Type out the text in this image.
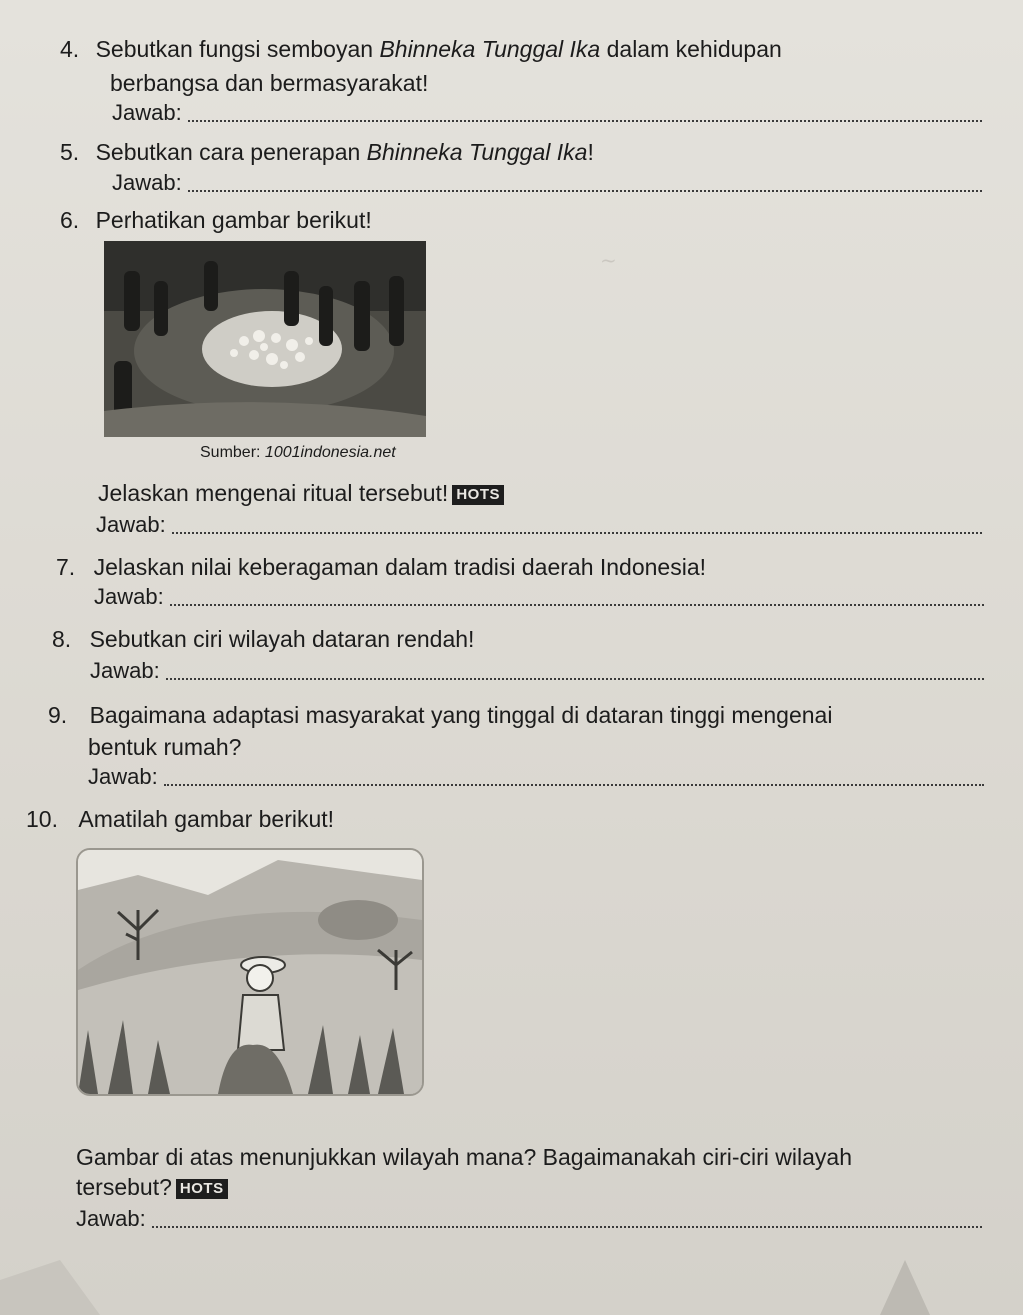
~
4. Sebutkan fungsi semboyan Bhinneka Tunggal Ika dalam kehidupan
berbangsa dan bermasyarakat!
Jawab:
5. Sebutkan cara penerapan Bhinneka Tunggal Ika!
Jawab:
6. Perhatikan gambar berikut!
Sumber: 1001indonesia.net
Jelaskan mengenai ritual tersebut! HOTS
Jawab:
7. Jelaskan nilai keberagaman dalam tradisi daerah Indonesia!
Jawab:
8. Sebutkan ciri wilayah dataran rendah!
Jawab:
9. Bagaimana adaptasi masyarakat yang tinggal di dataran tinggi mengenai
bentuk rumah?
Jawab:
10. Amatilah gambar berikut!
Gambar di atas menunjukkan wilayah mana? Bagaimanakah ciri-ciri wilayah
tersebut? HOTS
Jawab:
